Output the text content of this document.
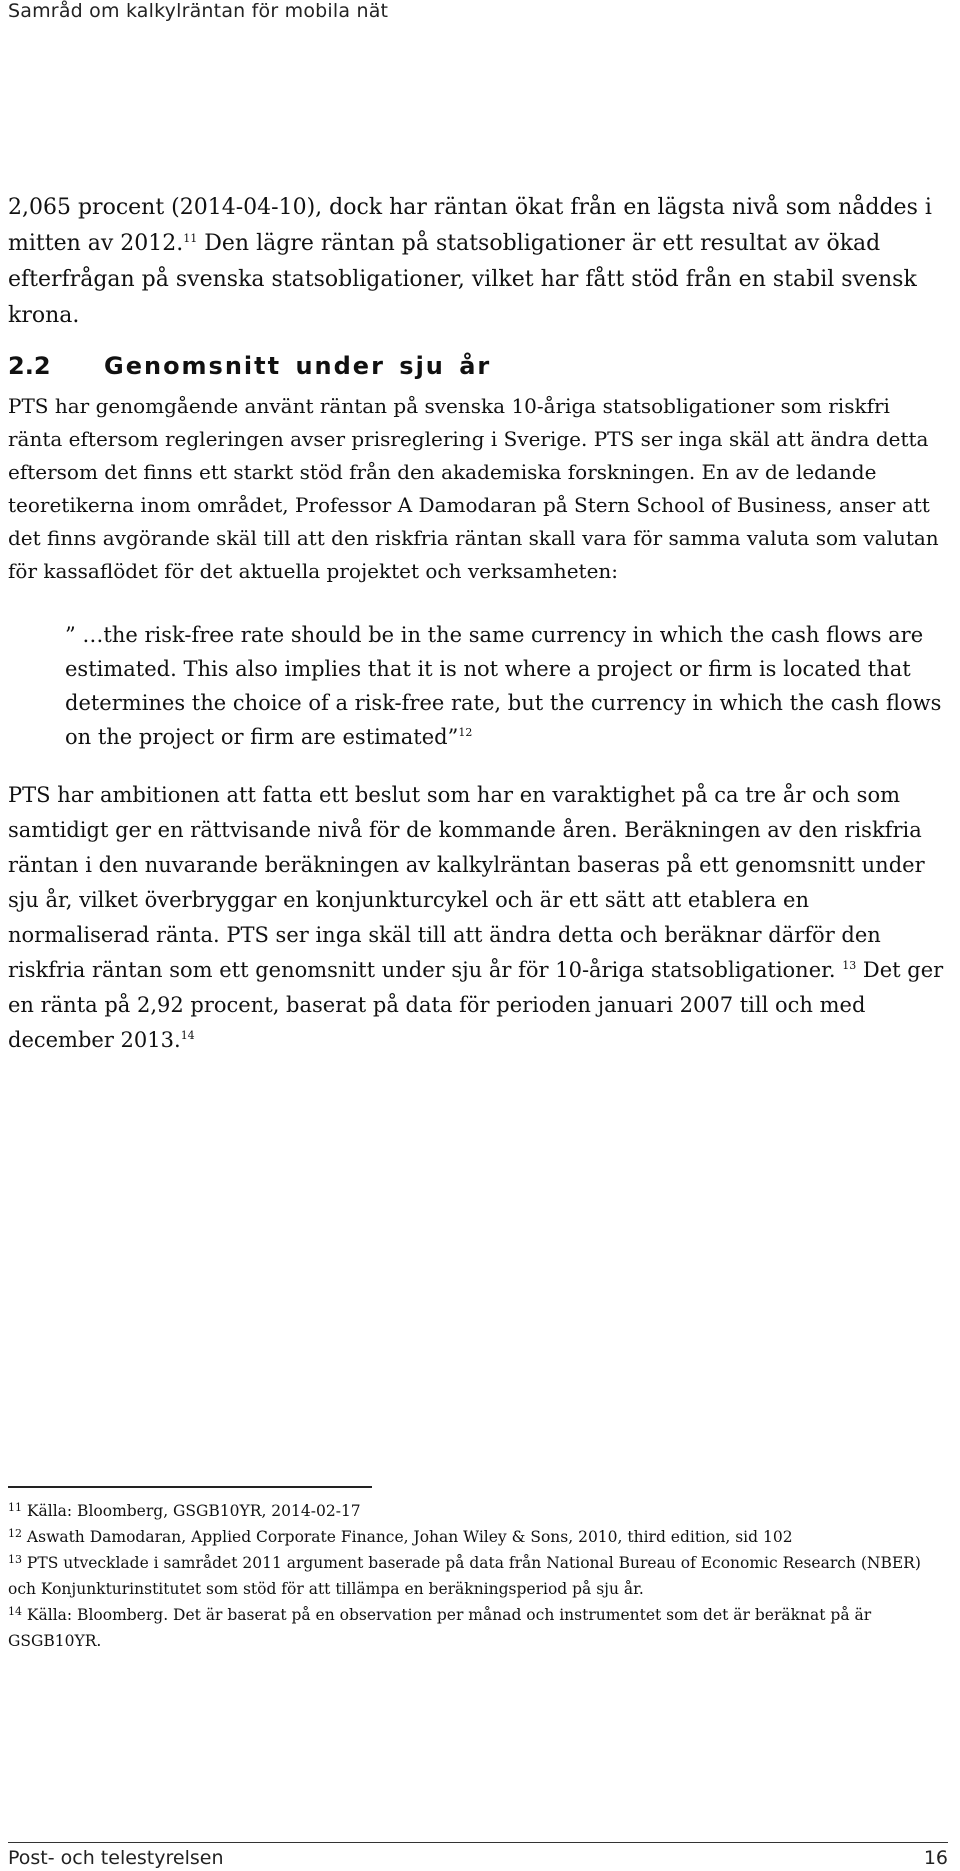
Samråd om kalkylräntan för mobila nät

2,065 procent (2014-04-10), dock har räntan ökat från en lägsta nivå som nåddes i mitten av 2012.11 Den lägre räntan på statsobligationer är ett resultat av ökad efterfrågan på svenska statsobligationer, vilket har fått stöd från en stabil svensk krona.

2.2 Genomsnitt under sju år

PTS har genomgående använt räntan på svenska 10-åriga statsobligationer som riskfri ränta eftersom regleringen avser prisreglering i Sverige. PTS ser inga skäl att ändra detta eftersom det finns ett starkt stöd från den akademiska forskningen. En av de ledande teoretikerna inom området, Professor A Damodaran på Stern School of Business, anser att det finns avgörande skäl till att den riskfria räntan skall vara för samma valuta som valutan för kassaflödet för det aktuella projektet och verksamheten:

” …the risk-free rate should be in the same currency in which the cash flows are estimated. This also implies that it is not where a project or firm is located that determines the choice of a risk-free rate, but the currency in which the cash flows on the project or firm are estimated”$^{12}$

PTS har ambitionen att fatta ett beslut som har en varaktighet på ca tre år och som samtidigt ger en rättvisande nivå för de kommande åren. Beräkningen av den riskfria räntan i den nuvarande beräkningen av kalkylräntan baseras på ett genomsnitt under sju år, vilket överbryggar en konjunkturcykel och är ett sätt att etablera en normaliserad ränta. PTS ser inga skäl till att ändra detta och beräknar därför den riskfria räntan som ett genomsnitt under sju år för 10-åriga statsobligationer. $^{13}$ Det ger en ränta på 2,92 procent, baserat på data för perioden januari 2007 till och med december 2013.14

$^{11}$ Källa: Bloomberg, GSGB10YR, 2014-02-17
$^{12}$ Aswath Damodaran, Applied Corporate Finance, Johan Wiley & Sons, 2010, third edition, sid 102
$^{13}$ PTS utvecklade i samrådet 2011 argument baserade på data från National Bureau of Economic Research (NBER) och Konjunkturinstitutet som stöd för att tillämpa en beräkningsperiod på sju år.
$^{14}$ Källa: Bloomberg. Det är baserat på en observation per månad och instrumentet som det är beräknat på är GSGB10YR.
Post- och telestyrelsen	16
